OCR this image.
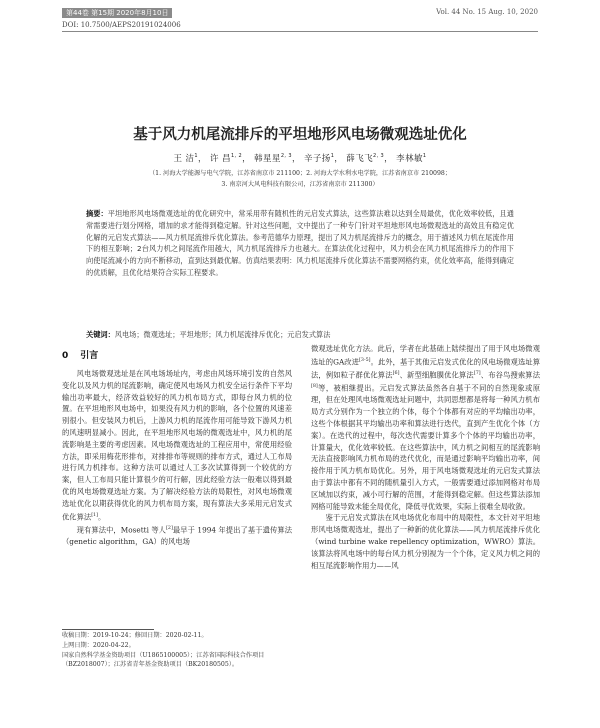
第44卷 第15期 2020年8月10日	Vol. 44 No. 15 Aug. 10, 2020
DOI: 10.7500/AEPS20191024006
基于风力机尾流排斥的平坦地形风电场微观选址优化
王 洁$^1$， 许 昌$^{1, 2}$， 韩星星$^{2, 3}$， 辛子扬$^1$， 薛飞飞$^{2, 3}$， 李林敏$^1$
（1. 河海大学能源与电气学院，江苏省南京市 211100；2. 河海大学水利水电学院，江苏省南京市 210098；
3. 南京河大风电科技有限公司，江苏省南京市 211300）
摘要：平坦地形风电场微观选址的优化研究中，常采用带有随机性的元启发式算法，这些算法难以达到全局最优，优化效率较低，且通常需要进行划分网格，增加的求才能得到稳定解。针对这些问题，文中提出了一种专门针对平坦地形风电场微观选址的高效且有稳定优化解的元启发式算法——风力机尾流排斥优化算法。参考范德华力原理，提出了风力机尾流排斥力的概念，用于描述风力机在尾流作用下的相互影响；2台风力机之间尾流作用越大，风力机尾流排斥力也越大。在算法优化过程中，风力机会在风力机尾流排斥力的作用下向使尾流减小的方向不断移动，直到达到最优解。仿真结果表明：风力机尾流排斥优化算法不需要网格约束，优化效率高，能得到确定的优质解，且优化结果符合实际工程要求。
关键词：风电场；微观选址；平坦地形；风力机尾流排斥优化；元启发式算法
0 引言

风电场微观选址是在风电场场址内，考虑由风场环境引发的自然风变化以及风力机的尾流影响，确定使风电场风力机安全运行条件下平均输出功率最大，经济效益较好的风力机布局方式，即每台风力机的位置。在平坦地形风电场中，如果没有风力机的影响，各个位置的风速差别很小。但安装风力机后，上游风力机的尾流作用可能导致下游风力机的风速明显减小。因此，在平坦地形风电场的微观选址中，风力机的尾流影响是主要的考虑因素。风电场微观选址的工程应用中，常使用经验方法，即采用梅花形排布，对排排布等规则的排布方式，通过人工布局进行风力机排布。这种方法可以通过人工多次试算得到一个较优的方案，但人工布局只能计算很少的可行解，因此经验方法一般难以得到最优的风电场微观选址方案。为了解决经验方法的局限性，对风电场微观选址优化以期获得优化的风力机布局方案，现有算法大多采用元启发式优化算法[1]。

现有算法中，Mosetti 等人[2]最早于 1994 年提出了基于遗传算法（genetic algorithm，GA）的风电场

微观选址优化方法。此后，学者在此基础上陆续提出了用于风电场微观选址的GA改进[3-5]。此外，基于其他元启发式优化的风电场微观选址算法，例如粒子群优化算法[6]、新型细胞膜优化算法[7]、布谷鸟搜索算法[8]等，被相继提出。元启发式算法虽然各自基于不同的自然现象或原理，但在处理风电场微观选址问题中，共同思想都是将每一种风力机布局方式分别作为一个独立的个体，每个个体都有对应的平均输出功率，这些个体根据其平均输出功率和算法进行迭代，直到产生优化个体（方案）。在迭代的过程中，每次迭代需要计算多个个体的平均输出功率，计算量大，优化效率较低。在这些算法中，风力机之间相互的尾流影响无法直接影响风力机布局的迭代优化，而是通过影响平均输出功率，间接作用于风力机布局优化。另外，用于风电场微观选址的元启发式算法由于算法中都有不同的随机量引入方式，一般需要通过添加网格对布局区域加以约束，减小可行解的范围，才能得到稳定解。但这些算法添加网格可能导致未能全局优化，降低寻优效果，实际上很难全局收敛。

鉴于元启发式算法在风电场优化布局中的局限性，本文针对平坦地形风电场微观选址，提出了一种新的优化算法——风力机尾流排斥优化（wind turbine wake repellency optimization，WWRO）算法。该算法将风电场中的每台风力机分别视为一个个体，定义风力机之间的相互尾流影响作用力——风

收稿日期：2019-10-24；修回日期：2020-02-11。
上网日期：2020-04-22。
国家自然科学基金资助项目（U1865100005）；江苏省国际科技合作项目（BZ2018007）；江苏省青年基金资助项目（BK20180505）。
